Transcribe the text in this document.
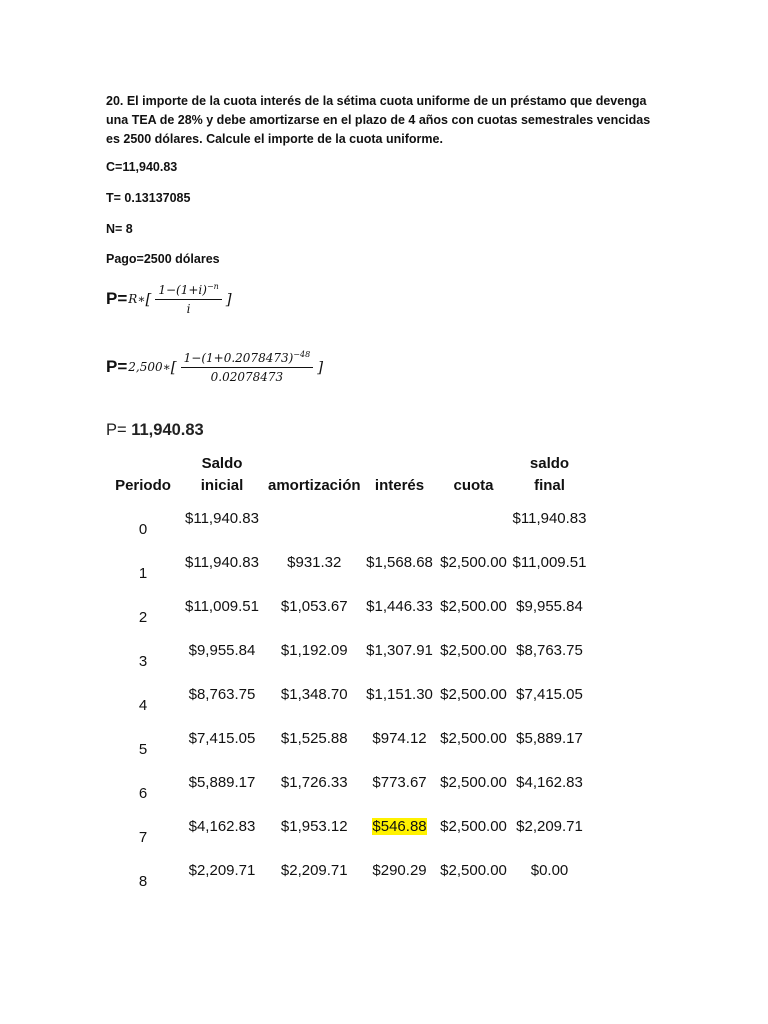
20. El importe de la cuota interés de la sétima cuota uniforme de un préstamo que devenga una TEA de 28% y debe amortizarse en el plazo de 4 años con cuotas semestrales vencidas es 2500 dólares. Calcule el importe de la cuota uniforme.
C=11,940.83
T= 0.13137085
N= 8
Pago=2500 dólares
P= R∗ [ $\frac{1-(1+i)^{-n}}{i}$ ]
P= 2,500∗ [ $\frac{1-(1+0.2078473)^{-48}}{0.02078473}$ ]
P= 11,940.83
Periodo	Saldo inicial	amortización	interés	cuota	saldo final
0	$11,940.83				$11,940.83
1	$11,940.83	$931.32	$1,568.68	$2,500.00	$11,009.51
2	$11,009.51	$1,053.67	$1,446.33	$2,500.00	$9,955.84
3	$9,955.84	$1,192.09	$1,307.91	$2,500.00	$8,763.75
4	$8,763.75	$1,348.70	$1,151.30	$2,500.00	$7,415.05
5	$7,415.05	$1,525.88	$974.12	$2,500.00	$5,889.17
6	$5,889.17	$1,726.33	$773.67	$2,500.00	$4,162.83
7	$4,162.83	$1,953.12	$546.88	$2,500.00	$2,209.71
8	$2,209.71	$2,209.71	$290.29	$2,500.00	$0.00
